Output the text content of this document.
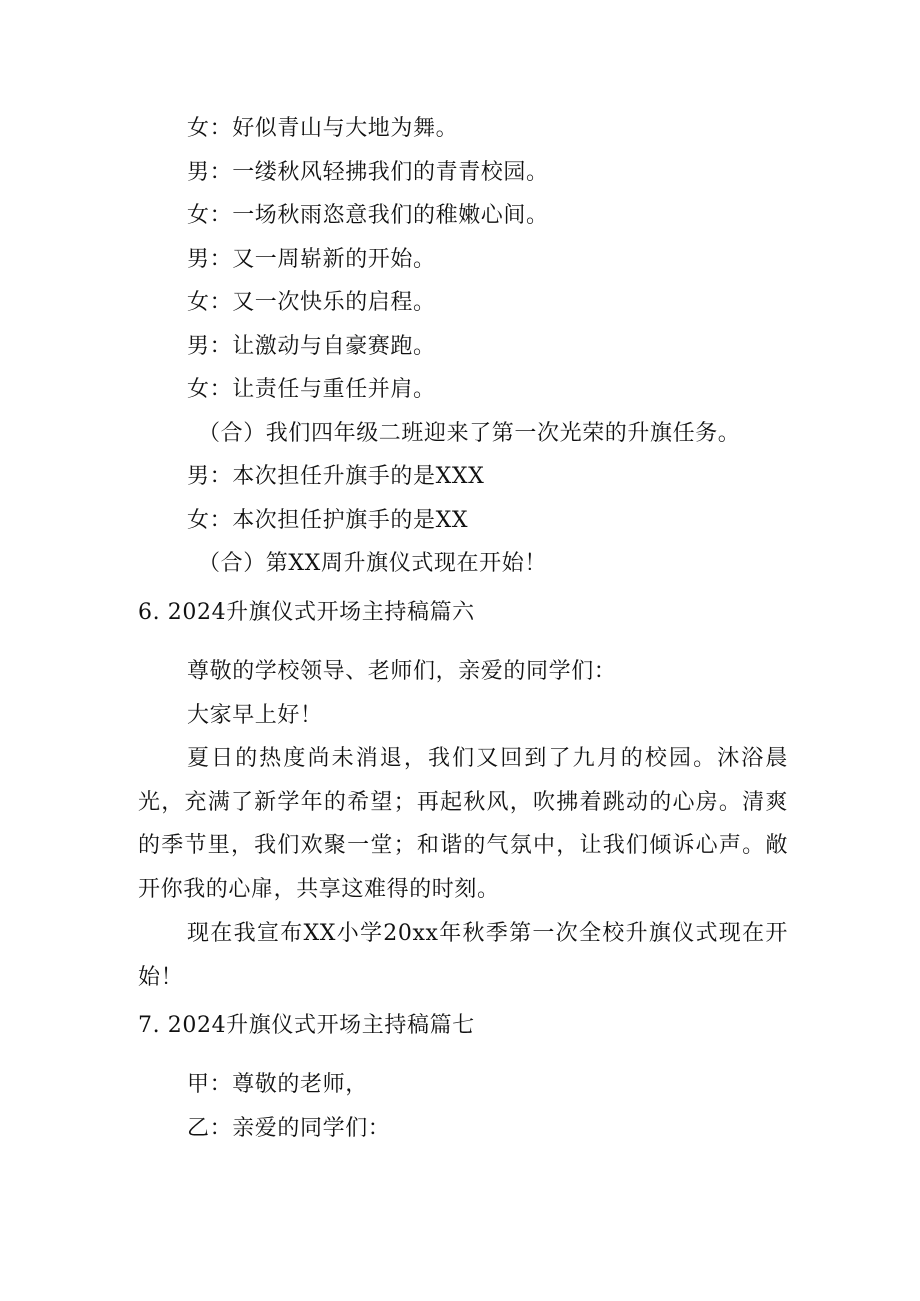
女：好似青山与大地为舞。
男：一缕秋风轻拂我们的青青校园。
女：一场秋雨恣意我们的稚嫩心间。
男：又一周崭新的开始。
女：又一次快乐的启程。
男：让激动与自豪赛跑。
女：让责任与重任并肩。
（合）我们四年级二班迎来了第一次光荣的升旗任务。
男：本次担任升旗手的是XXX
女：本次担任护旗手的是XX
（合）第XX周升旗仪式现在开始！
6. 2024升旗仪式开场主持稿篇六
尊敬的学校领导、老师们，亲爱的同学们：
大家早上好！
夏日的热度尚未消退，我们又回到了九月的校园。沐浴晨光，充满了新学年的希望；再起秋风，吹拂着跳动的心房。清爽的季节里，我们欢聚一堂；和谐的气氛中，让我们倾诉心声。敞开你我的心扉，共享这难得的时刻。
现在我宣布XX小学20xx年秋季第一次全校升旗仪式现在开始！
7. 2024升旗仪式开场主持稿篇七
甲：尊敬的老师，
乙：亲爱的同学们：
